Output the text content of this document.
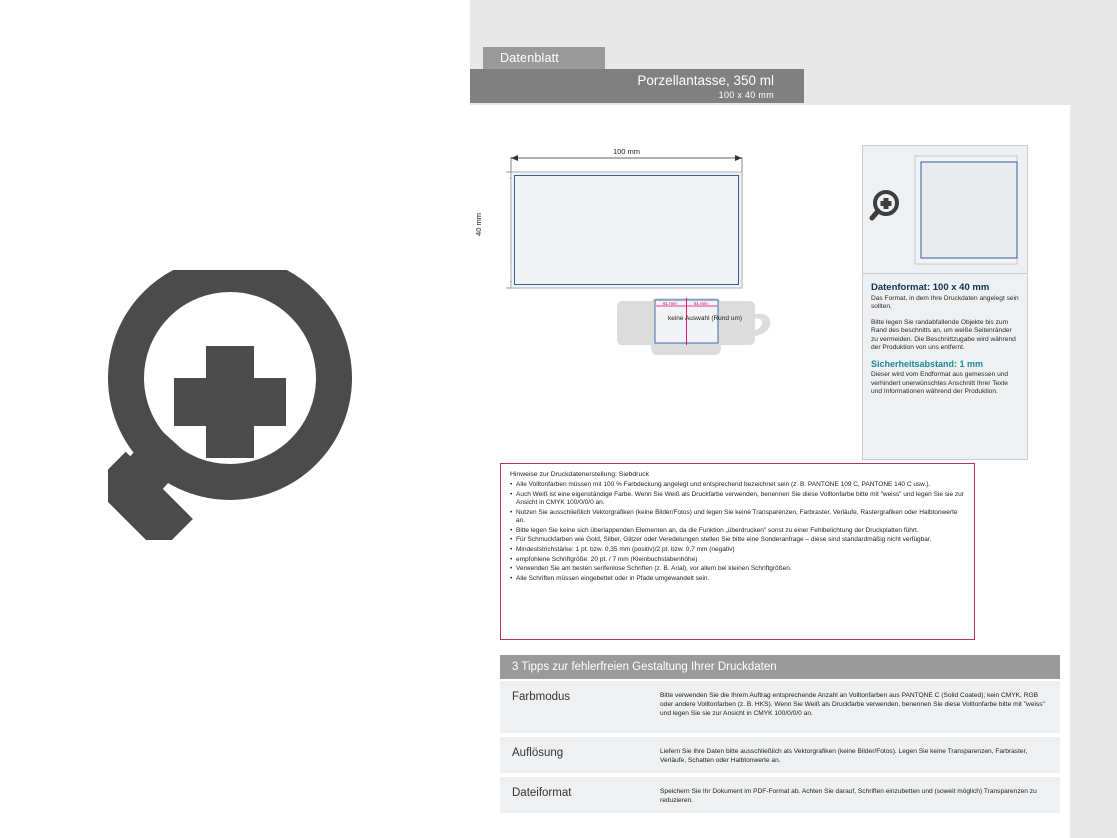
Datenblatt
Porzellantasse, 350 ml
100 x 40 mm
61 mm	61 mm
100 mm
40 mm
keine Auswahl (Rund um)
Datenformat: 100 x 40 mm

Das Format, in dem Ihre Druckdaten angelegt sein sollten.

Bitte legen Sie randabfallende Objekte bis zum Rand des beschnitts an, um weiße Seitenränder zu vermeiden. Die Beschnittzugabe wird während der Produktion von uns entfernt.

Sicherheitsabstand: 1 mm

Dieser wird vom Endformat aus gemessen und verhindert unerwünschtes Anschnitt Ihrer Texte und Informationen während der Produktion.

Hinweise zur Druckdatenerstellung: Siebdruck
• Alle Volltonfarben müssen mit 100 % Farbdeckung angelegt und entsprechend bezeichnet sein (z. B. PANTONE 109 C, PANTONE 140 C usw.).
• Auch Weiß ist eine eigenständige Farbe. Wenn Sie Weiß als Druckfarbe verwenden, benennen Sie diese Volltonfarbe bitte mit "weiss" und legen Sie sie zur Ansicht in CMYK 100/0/0/0 an.
• Nutzen Sie ausschließlich Vektorgrafiken (keine Bilder/Fotos) und legen Sie keine Transparenzen, Farbraster, Verläufe, Rastergrafiken oder Halbtonwerte an.
• Bitte legen Sie keine sich überlappenden Elementen an, da die Funktion „überdrucken" sonst zu einer Fehlbelichtung der Druckplatten führt.
• Für Schmuckfarben wie Gold, Silber, Glitzer oder Veredelungen stellen Sie bitte eine Sonderanfrage – diese sind standardmäßig nicht verfügbar.
• Mindeststrichstärke: 1 pt. bzw. 0,35 mm (positiv)/2 pt. bzw. 0,7 mm (negativ)
• empfohlene Schriftgröße: 20 pt. / 7 mm (Kleinbuchstabenhöhe)
• Verwenden Sie am besten serifenlose Schriften (z. B. Arial), vor allem bei kleinen Schriftgrößen.
• Alle Schriften müssen eingebettet oder in Pfade umgewandelt sein.
3 Tipps zur fehlerfreien Gestaltung Ihrer Druckdaten
Farbmodus	Bitte verwenden Sie die Ihrem Auftrag entsprechende Anzahl an Volltonfarben aus PANTONE C (Solid Coated); kein CMYK, RGB oder andere Volltonfarben (z. B. HKS). Wenn Sie Weiß als Druckfarbe verwenden, benennen Sie diese Volltonfarbe bitte mit "weiss" und legen Sie sie zur Ansicht in CMYK 100/0/0/0 an.
Auflösung	Liefern Sie Ihre Daten bitte ausschließlich als Vektorgrafiken (keine Bilder/Fotos). Legen Sie keine Transparenzen, Farbraster, Verläufe, Schatten oder Halbtonwerte an.
Dateiformat	Speichern Sie Ihr Dokument im PDF-Format ab. Achten Sie darauf, Schriften einzubetten und (soweit möglich) Transparenzen zu reduzieren.
